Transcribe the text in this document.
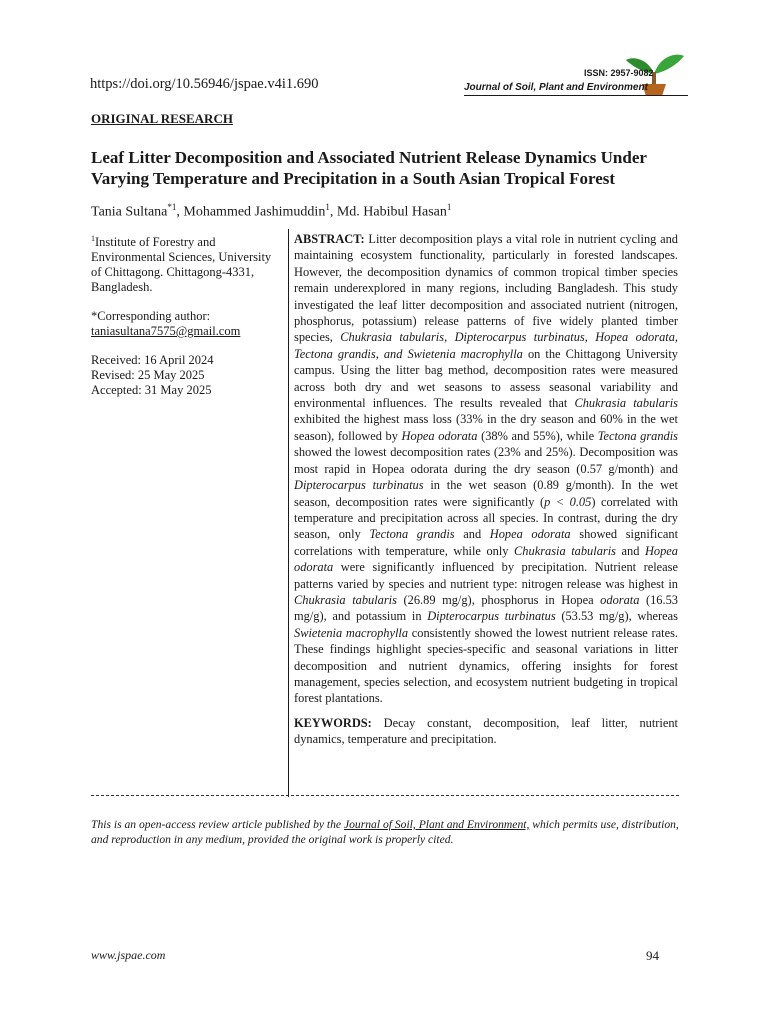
https://doi.org/10.56946/jspae.v4i1.690
ISSN: 2957-9082
Journal of Soil, Plant and Environment
ORIGINAL RESEARCH
Leaf Litter Decomposition and Associated Nutrient Release Dynamics Under Varying Temperature and Precipitation in a South Asian Tropical Forest
Tania Sultana$^{*1}$, Mohammed Jashimuddin$^1$, Md. Habibul Hasan$^1$

$^1$Institute of Forestry and Environmental Sciences, University of Chittagong. Chittagong-4331, Bangladesh.

*Corresponding author:

taniasultana7575@gmail.com

Received: 16 April 2024

Revised: 25 May 2025

Accepted: 31 May 2025

ABSTRACT: Litter decomposition plays a vital role in nutrient cycling and maintaining ecosystem functionality, particularly in forested landscapes. However, the decomposition dynamics of common tropical timber species remain underexplored in many regions, including Bangladesh. This study investigated the leaf litter decomposition and associated nutrient (nitrogen, phosphorus, potassium) release patterns of five widely planted timber species, Chukrasia tabularis, Dipterocarpus turbinatus, Hopea odorata, Tectona grandis, and Swietenia macrophylla on the Chittagong University campus. Using the litter bag method, decomposition rates were measured across both dry and wet seasons to assess seasonal variability and environmental influences. The results revealed that Chukrasia tabularis exhibited the highest mass loss (33% in the dry season and 60% in the wet season), followed by Hopea odorata (38% and 55%), while Tectona grandis showed the lowest decomposition rates (23% and 25%). Decomposition was most rapid in Hopea odorata during the dry season (0.57 g/month) and Dipterocarpus turbinatus in the wet season (0.89 g/month). In the wet season, decomposition rates were significantly (p < 0.05) correlated with temperature and precipitation across all species. In contrast, during the dry season, only Tectona grandis and Hopea odorata showed significant correlations with temperature, while only Chukrasia tabularis and Hopea odorata were significantly influenced by precipitation. Nutrient release patterns varied by species and nutrient type: nitrogen release was highest in Chukrasia tabularis (26.89 mg/g), phosphorus in Hopea odorata (16.53 mg/g), and potassium in Dipterocarpus turbinatus (53.53 mg/g), whereas Swietenia macrophylla consistently showed the lowest nutrient release rates. These findings highlight species-specific and seasonal variations in litter decomposition and nutrient dynamics, offering insights for forest management, species selection, and ecosystem nutrient budgeting in tropical forest plantations.

KEYWORDS: Decay constant, decomposition, leaf litter, nutrient dynamics, temperature and precipitation.

This is an open-access review article published by the Journal of Soil, Plant and Environment, which permits use, distribution, and reproduction in any medium, provided the original work is properly cited.
www.jspae.com	94
